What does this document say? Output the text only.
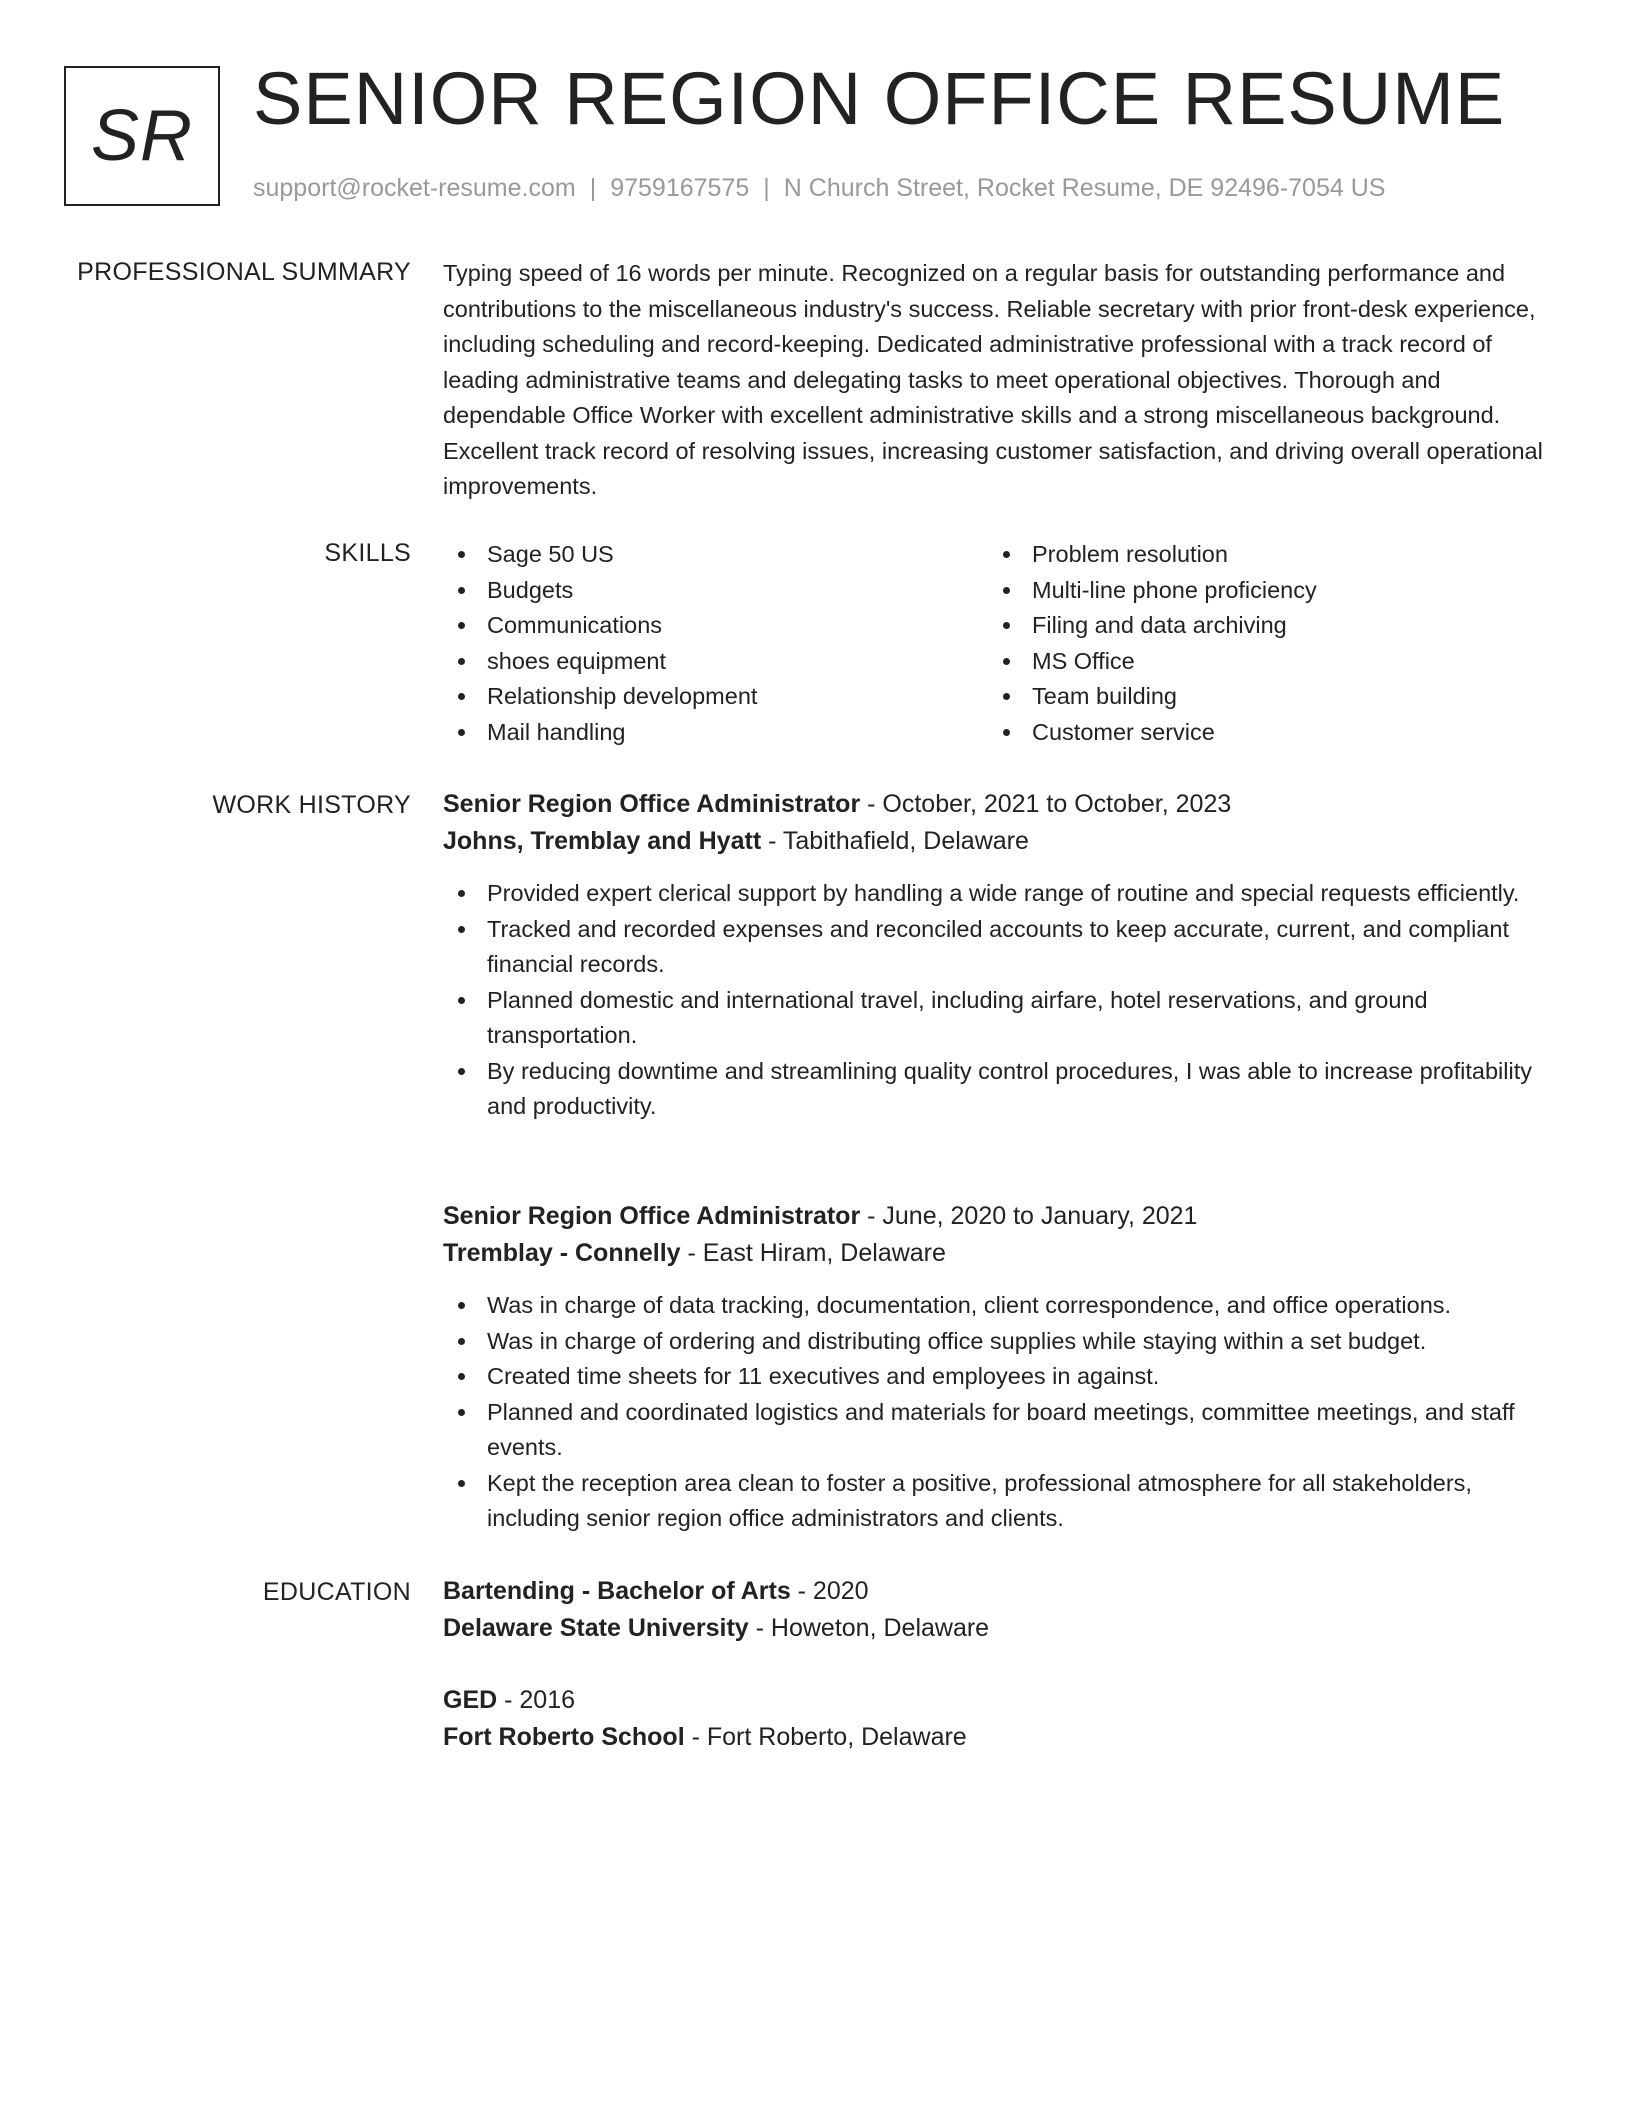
SR SENIOR REGION OFFICE RESUME
support@rocket-resume.com | 9759167575 | N Church Street, Rocket Resume, DE 92496-7054 US
PROFESSIONAL SUMMARY Typing speed of 16 words per minute. Recognized on a regular basis for outstanding performance and contributions to the miscellaneous industry's success. Reliable secretary with prior front-desk experience, including scheduling and record-keeping. Dedicated administrative professional with a track record of leading administrative teams and delegating tasks to meet operational objectives. Thorough and dependable Office Worker with excellent administrative skills and a strong miscellaneous background. Excellent track record of resolving issues, increasing customer satisfaction, and driving overall operational improvements.

SKILLS	Sage 50 US
Budgets
Communications
shoes equipment
Relationship development
Mail handling
Problem resolution
Multi-line phone proficiency
Filing and data archiving
MS Office
Team building
Customer service
WORK HISTORY Senior Region Office Administrator - October, 2021 to October, 2023
Johns, Tremblay and Hyatt - Tabithafield, Delaware
Provided expert clerical support by handling a wide range of routine and special requests efficiently.
Tracked and recorded expenses and reconciled accounts to keep accurate, current, and compliant financial records.
Planned domestic and international travel, including airfare, hotel reservations, and ground transportation.
By reducing downtime and streamlining quality control procedures, I was able to increase profitability and productivity.
Senior Region Office Administrator - June, 2020 to January, 2021
Tremblay - Connelly - East Hiram, Delaware
Was in charge of data tracking, documentation, client correspondence, and office operations.
Was in charge of ordering and distributing office supplies while staying within a set budget.
Created time sheets for 11 executives and employees in against.
Planned and coordinated logistics and materials for board meetings, committee meetings, and staff events.
Kept the reception area clean to foster a positive, professional atmosphere for all stakeholders, including senior region office administrators and clients.
EDUCATION Bartending - Bachelor of Arts - 2020
Delaware State University - Howeton, Delaware
GED - 2016
Fort Roberto School - Fort Roberto, Delaware
